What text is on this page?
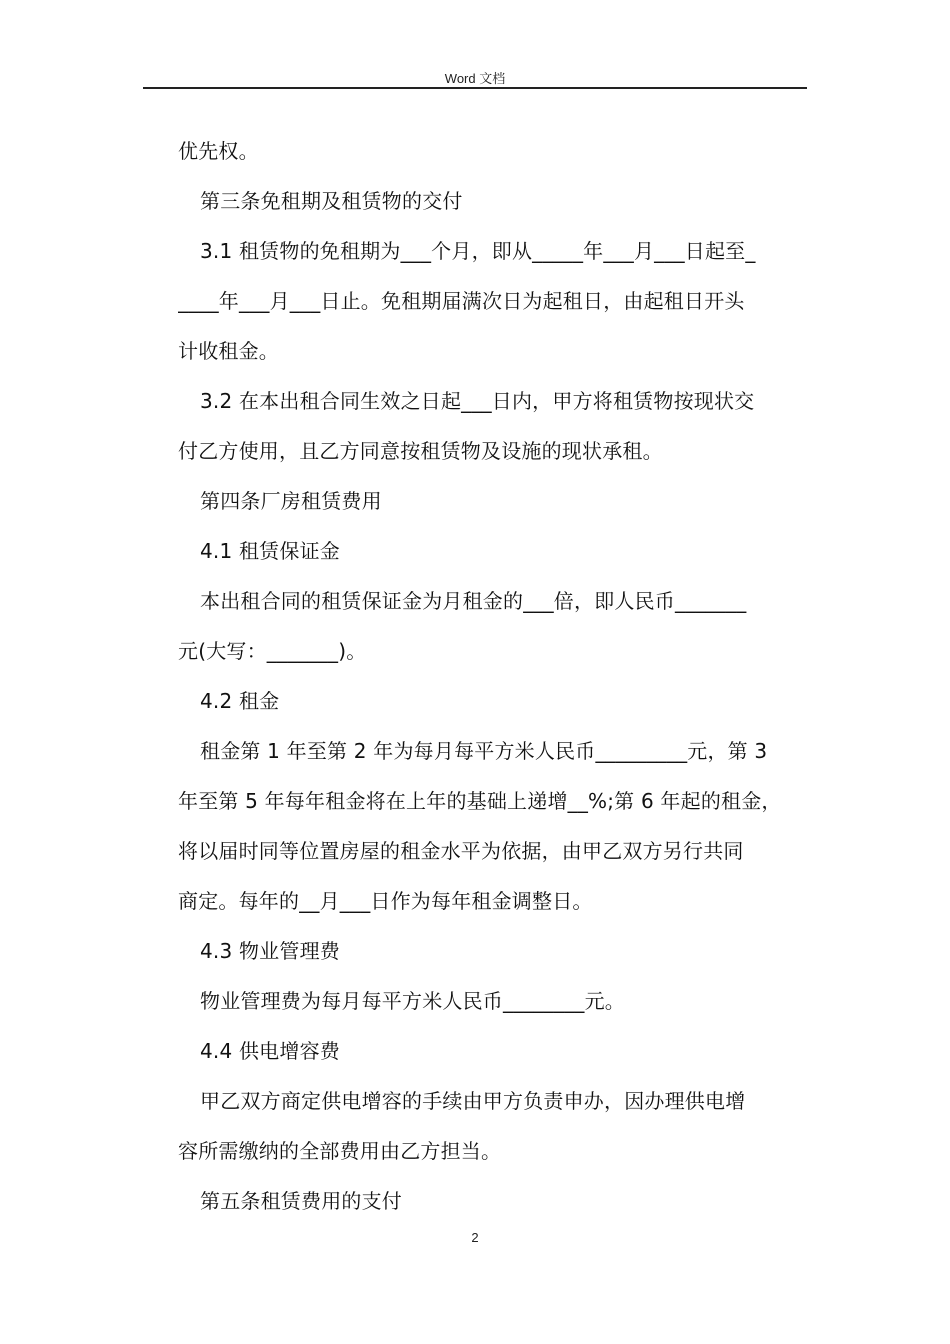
Word 文档
优先权。
第三条免租期及租赁物的交付
3.1 租赁物的免租期为___个月，即从_____年___月___日起至_
____年___月___日止。免租期届满次日为起租日，由起租日开头
计收租金。
3.2 在本出租合同生效之日起___日内，甲方将租赁物按现状交
付乙方使用，且乙方同意按租赁物及设施的现状承租。
第四条厂房租赁费用
4.1 租赁保证金
本出租合同的租赁保证金为月租金的___倍，即人民币_______
元(大写：_______)。
4.2 租金
租金第 1 年至第 2 年为每月每平方米人民币_________元，第 3
年至第 5 年每年租金将在上年的基础上递增__%;第 6 年起的租金，
将以届时同等位置房屋的租金水平为依据，由甲乙双方另行共同
商定。每年的__月___日作为每年租金调整日。
4.3 物业管理费
物业管理费为每月每平方米人民币________元。
4.4 供电增容费
甲乙双方商定供电增容的手续由甲方负责申办，因办理供电增
容所需缴纳的全部费用由乙方担当。
第五条租赁费用的支付
2
